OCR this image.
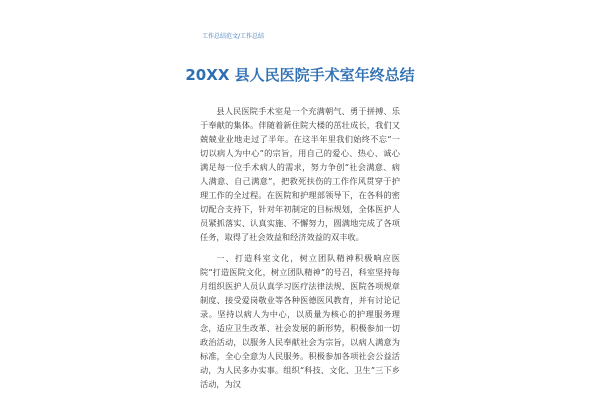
工作总结范文/工作总结
20XX 县人民医院手术室年终总结

县人民医院手术室是一个充满朝气、勇于拼搏、乐于奉献的集体。伴随着新住院大楼的茁壮成长，我们又兢兢业业地走过了半年。在这半年里我们始终不忘“一切以病人为中心”的宗旨，用自己的爱心、热心、诚心满足每一位手术病人的需求，努力争创“社会满意、病人满意、自己满意”，把救死扶伤的工作作风贯穿于护理工作的全过程。在医院和护理部领导下，在各科的密切配合支持下，针对年初制定的目标规划，全体医护人员紧抓落实、认真实施、不懈努力，圆满地完成了各项任务，取得了社会效益和经济效益的双丰收。

一、打造科室文化，树立团队精神积极响应医院“打造医院文化，树立团队精神”的号召，科室坚持每月组织医护人员认真学习医疗法律法规、医院各项规章制度、接受爱岗敬业等各种医德医风教育，并有讨论记录。坚持以病人为中心，以质量为核心的护理服务理念，适应卫生改革、社会发展的新形势，积极参加一切政治活动，以服务人民奉献社会为宗旨，以病人满意为标准，全心全意为人民服务。积极参加各项社会公益活动，为人民多办实事。组织“科技、文化、卫生”三下乡活动，为汉
